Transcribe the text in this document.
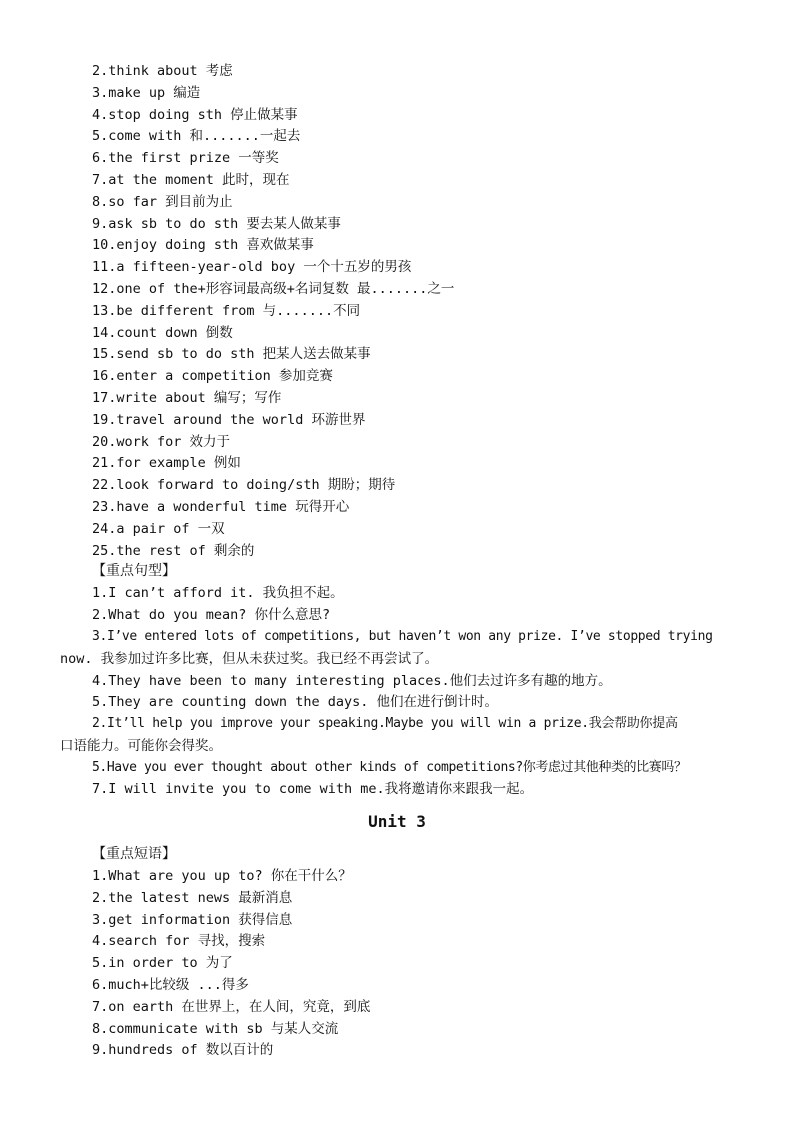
2.think about 考虑
3.make up 编造
4.stop doing sth 停止做某事
5.come with 和.......一起去
6.the first prize 一等奖
7.at the moment 此时，现在
8.so far 到目前为止
9.ask sb to do sth 要去某人做某事
10.enjoy doing sth 喜欢做某事
11.a fifteen-year-old boy 一个十五岁的男孩
12.one of the+形容词最高级+名词复数 最.......之一
13.be different from 与.......不同
14.count down 倒数
15.send sb to do sth 把某人送去做某事
16.enter a competition 参加竞赛
17.write about 编写；写作
19.travel around the world 环游世界
20.work for 效力于
21.for example 例如
22.look forward to doing/sth 期盼；期待
23.have a wonderful time 玩得开心
24.a pair of 一双
25.the rest of 剩余的
【重点句型】
1.I can’t afford it. 我负担不起。
2.What do you mean? 你什么意思?
3.I’ve entered lots of competitions, but haven’t won any prize. I’ve stopped trying
now. 我参加过许多比赛，但从未获过奖。我已经不再尝试了。
4.They have been to many interesting places.他们去过许多有趣的地方。
5.They are counting down the days. 他们在进行倒计时。
2.It’ll help you improve your speaking.Maybe you will win a prize.我会帮助你提高
口语能力。可能你会得奖。
5.Have you ever thought about other kinds of competitions?你考虑过其他种类的比赛吗？
7.I will invite you to come with me.我将邀请你来跟我一起。
Unit 3
【重点短语】
1.What are you up to? 你在干什么？
2.the latest news 最新消息
3.get information 获得信息
4.search for 寻找，搜索
5.in order to 为了
6.much+比较级 ...得多
7.on earth 在世界上，在人间，究竟，到底
8.communicate with sb 与某人交流
9.hundreds of 数以百计的
